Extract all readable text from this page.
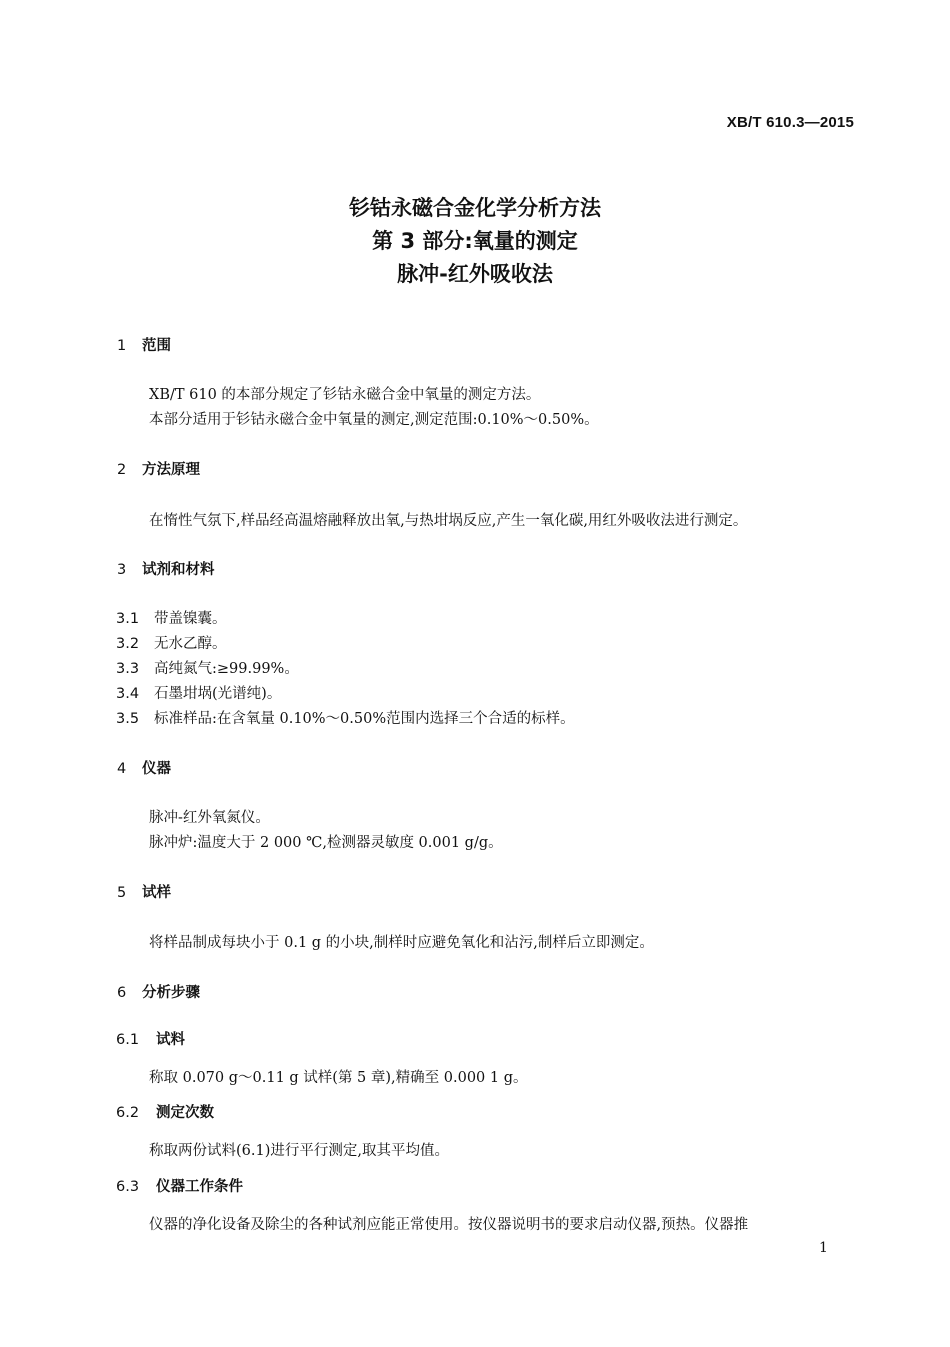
XB/T 610.3—2015
钐钴永磁合金化学分析方法
第 3 部分:氧量的测定
脉冲-红外吸收法
1 范围
XB/T 610 的本部分规定了钐钴永磁合金中氧量的测定方法。
本部分适用于钐钴永磁合金中氧量的测定,测定范围:0.10%～0.50%。
2 方法原理
在惰性气氛下,样品经高温熔融释放出氧,与热坩埚反应,产生一氧化碳,用红外吸收法进行测定。
3 试剂和材料
3.1 带盖镍囊。
3.2 无水乙醇。
3.3 高纯氮气:≥99.99%。
3.4 石墨坩埚(光谱纯)。
3.5 标准样品:在含氧量 0.10%～0.50%范围内选择三个合适的标样。
4 仪器
脉冲-红外氧氮仪。
脉冲炉:温度大于 2 000 ℃,检测器灵敏度 0.001 g/g。
5 试样
将样品制成每块小于 0.1 g 的小块,制样时应避免氧化和沾污,制样后立即测定。
6 分析步骤
6.1 试料
称取 0.070 g～0.11 g 试样(第 5 章),精确至 0.000 1 g。
6.2 测定次数
称取两份试料(6.1)进行平行测定,取其平均值。
6.3 仪器工作条件
仪器的净化设备及除尘的各种试剂应能正常使用。按仪器说明书的要求启动仪器,预热。仪器推
1
